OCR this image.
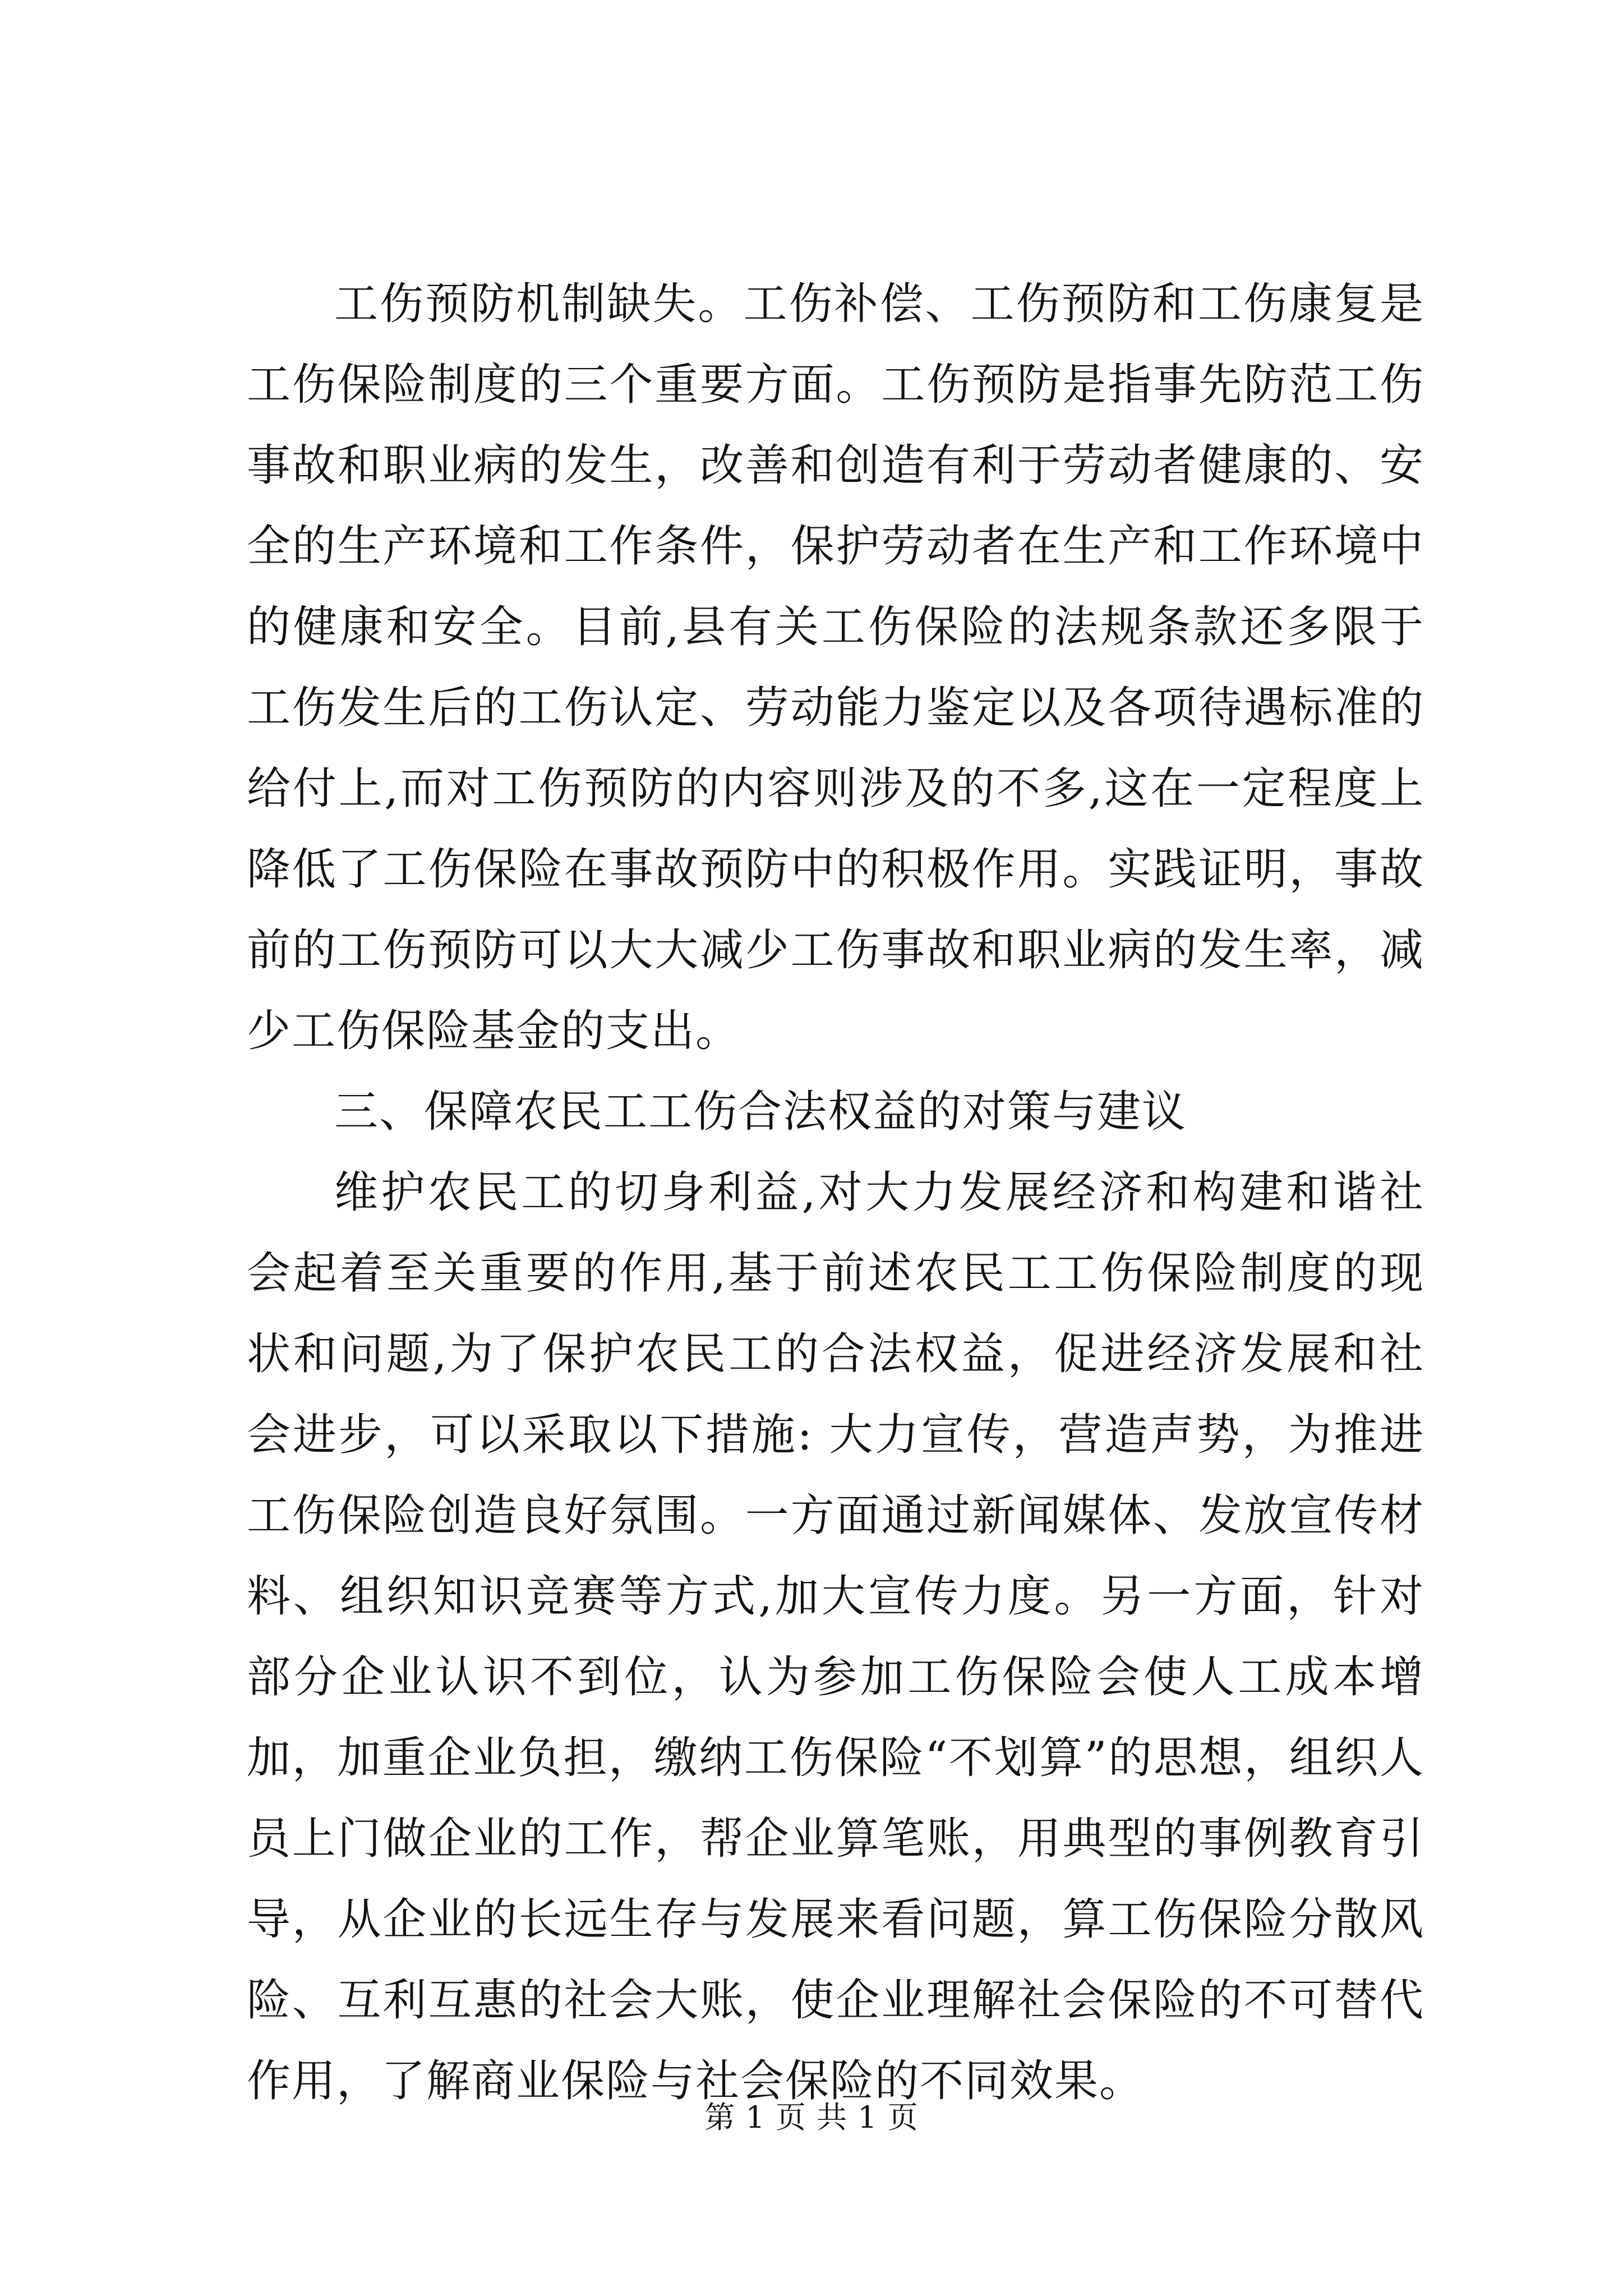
工伤预防机制缺失。工伤补偿、工伤预防和工伤康复是工伤保险制度的三个重要方面。工伤预防是指事先防范工伤事故和职业病的发生，改善和创造有利于劳动者健康的、安全的生产环境和工作条件，保护劳动者在生产和工作环境中的健康和安全。目前,县有关工伤保险的法规条款还多限于工伤发生后的工伤认定、劳动能力鉴定以及各项待遇标准的给付上,而对工伤预防的内容则涉及的不多,这在一定程度上降低了工伤保险在事故预防中的积极作用。实践证明，事故前的工伤预防可以大大减少工伤事故和职业病的发生率，减少工伤保险基金的支出。

三、保障农民工工伤合法权益的对策与建议

维护农民工的切身利益,对大力发展经济和构建和谐社会起着至关重要的作用,基于前述农民工工伤保险制度的现状和问题,为了保护农民工的合法权益，促进经济发展和社会进步，可以采取以下措施: 大力宣传，营造声势，为推进工伤保险创造良好氛围。一方面通过新闻媒体、发放宣传材料、组织知识竞赛等方式,加大宣传力度。另一方面，针对部分企业认识不到位，认为参加工伤保险会使人工成本增加，加重企业负担，缴纳工伤保险“不划算”的思想，组织人员上门做企业的工作，帮企业算笔账，用典型的事例教育引导，从企业的长远生存与发展来看问题，算工伤保险分散风险、互利互惠的社会大账，使企业理解社会保险的不可替代作用，了解商业保险与社会保险的不同效果。

第 1 页 共 1 页
